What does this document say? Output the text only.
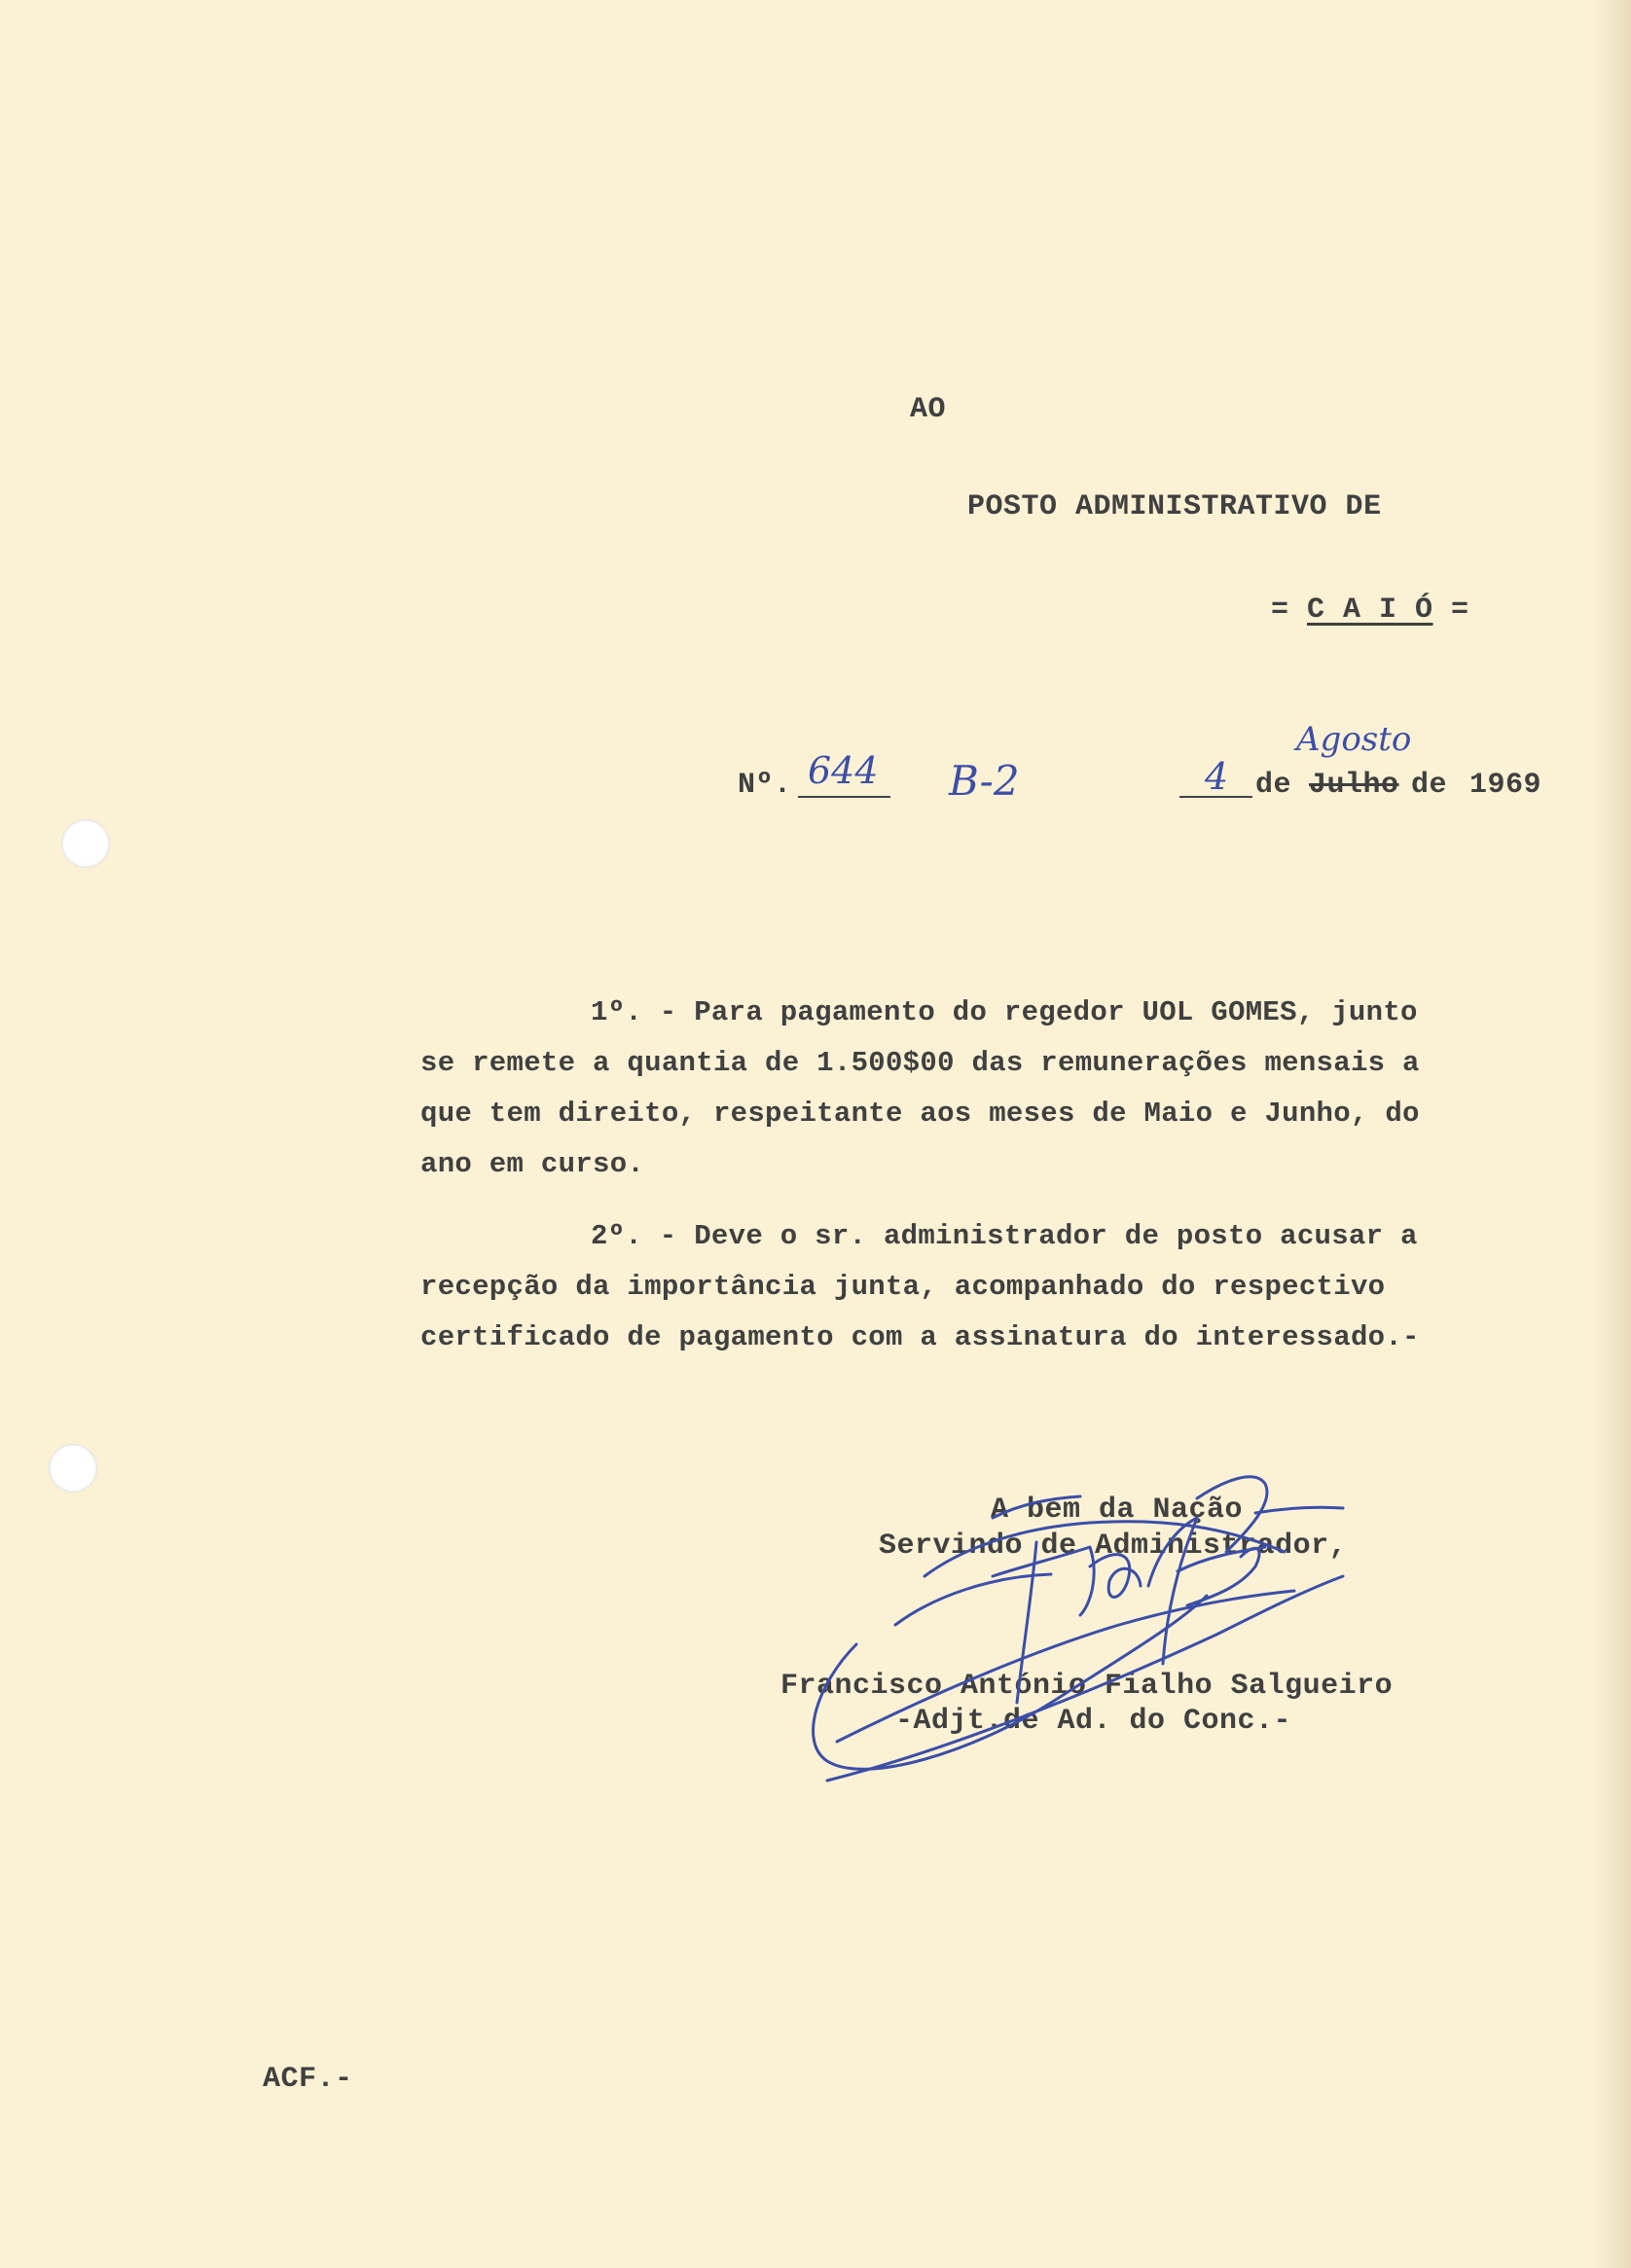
AO
POSTO ADMINISTRATIVO DE
= C A I Ó =
Nº. 644 B-2	4 de
Agosto
Julho de 1969

1º. - Para pagamento do regedor UOL GOMES, junto

se remete a quantia de 1.500$00 das remunerações mensais a

que tem direito, respeitante aos meses de Maio e Junho, do

ano em curso.

2º. - Deve o sr. administrador de posto acusar a

recepção da importância junta, acompanhado do respectivo

certificado de pagamento com a assinatura do interessado.-

A bem da Nação
Servindo de Administrador,
Francisco António Fialho Salgueiro
-Adjt.de Ad. do Conc.-
ACF.-
